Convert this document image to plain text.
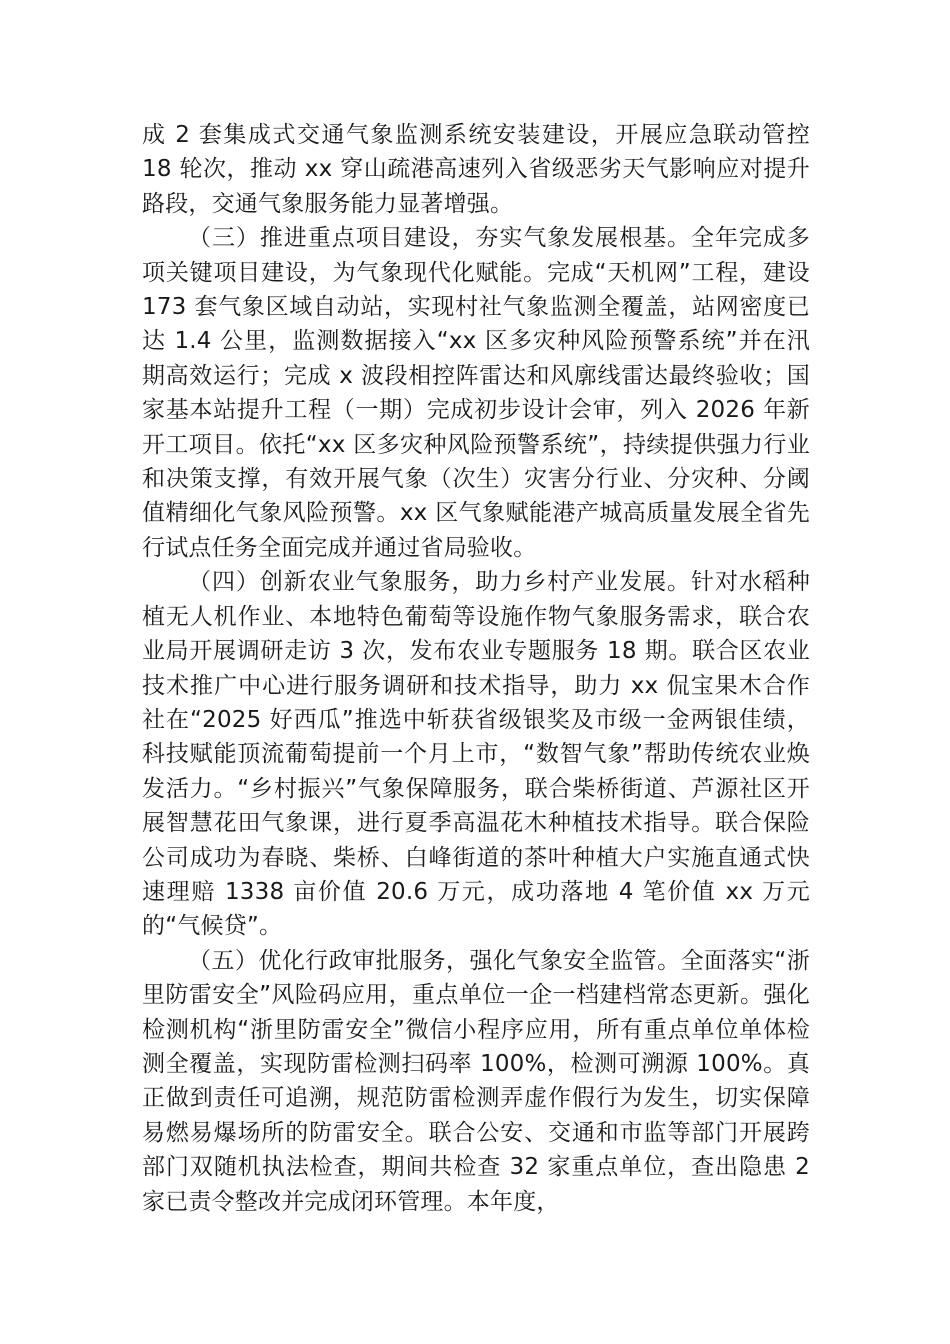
成 2 套集成式交通气象监测系统安装建设，开展应急联动管控 18 轮次，推动 xx 穿山疏港高速列入省级恶劣天气影响应对提升路段，交通气象服务能力显著增强。

（三）推进重点项目建设，夯实气象发展根基。全年完成多项关键项目建设，为气象现代化赋能。完成“天机网”工程，建设 173 套气象区域自动站，实现村社气象监测全覆盖，站网密度已达 1.4 公里，监测数据接入“xx 区多灾种风险预警系统”并在汛期高效运行；完成 x 波段相控阵雷达和风廓线雷达最终验收；国家基本站提升工程（一期）完成初步设计会审，列入 2026 年新开工项目。依托“xx 区多灾种风险预警系统”，持续提供强力行业和决策支撑，有效开展气象（次生）灾害分行业、分灾种、分阈值精细化气象风险预警。xx 区气象赋能港产城高质量发展全省先行试点任务全面完成并通过省局验收。

（四）创新农业气象服务，助力乡村产业发展。针对水稻种植无人机作业、本地特色葡萄等设施作物气象服务需求，联合农业局开展调研走访 3 次，发布农业专题服务 18 期。联合区农业技术推广中心进行服务调研和技术指导，助力 xx 侃宝果木合作社在“2025 好西瓜”推选中斩获省级银奖及市级一金两银佳绩，科技赋能顶流葡萄提前一个月上市，“数智气象”帮助传统农业焕发活力。“乡村振兴”气象保障服务，联合柴桥街道、芦源社区开展智慧花田气象课，进行夏季高温花木种植技术指导。联合保险公司成功为春晓、柴桥、白峰街道的茶叶种植大户实施直通式快速理赔 1338 亩价值 20.6 万元，成功落地 4 笔价值 xx 万元的“气候贷”。

（五）优化行政审批服务，强化气象安全监管。全面落实“浙里防雷安全”风险码应用，重点单位一企一档建档常态更新。强化检测机构“浙里防雷安全”微信小程序应用，所有重点单位单体检测全覆盖，实现防雷检测扫码率 100%，检测可溯源 100%。真正做到责任可追溯，规范防雷检测弄虚作假行为发生，切实保障易燃易爆场所的防雷安全。联合公安、交通和市监等部门开展跨部门双随机执法检查，期间共检查 32 家重点单位，查出隐患 2 家已责令整改并完成闭环管理。本年度，
